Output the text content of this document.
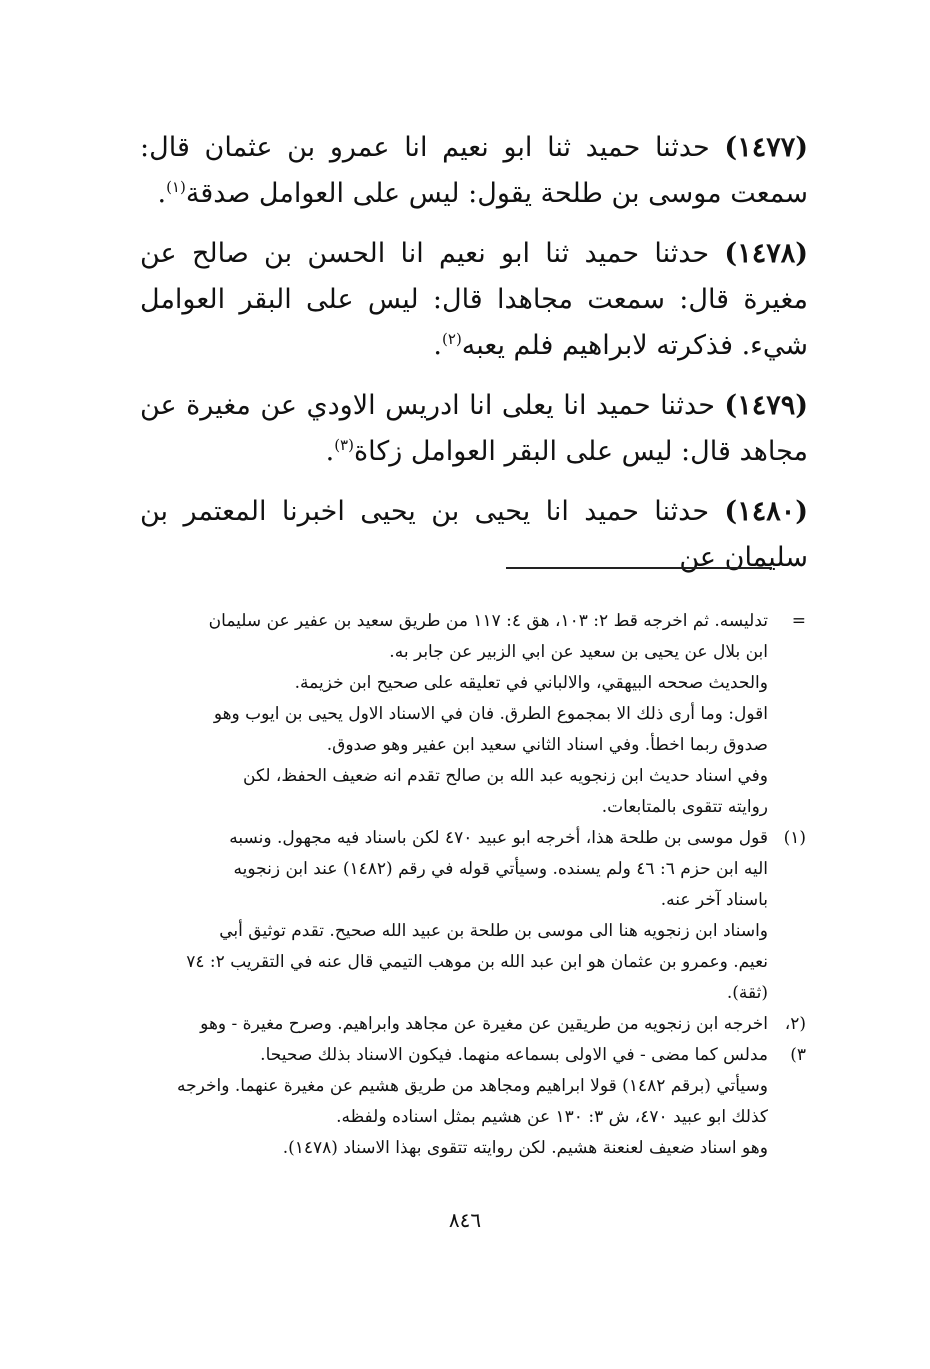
(١٤٧٧) حدثنا حميد ثنا ابو نعيم انا عمرو بن عثمان قال: سمعت موسى بن طلحة يقول: ليس على العوامل صدقة$^{(١)}$.

(١٤٧٨) حدثنا حميد ثنا ابو نعيم انا الحسن بن صالح عن مغيرة قال: سمعت مجاهدا قال: ليس على البقر العوامل شيء. فذكرته لابراهيم فلم يعبه$^{(٢)}$.

(١٤٧٩) حدثنا حميد انا يعلى انا ادريس الاودي عن مغيرة عن مجاهد قال: ليس على البقر العوامل زكاة$^{(٣)}$.

(١٤٨٠) حدثنا حميد انا يحيى بن يحيى اخبرنا المعتمر بن سليمان عن

=
تدليسه. ثم اخرجه قط ٢: ١٠٣، هق ٤: ١١٧ من طريق سعيد بن عفير عن سليمان
ابن بلال عن يحيى بن سعيد عن ابي الزبير عن جابر به.
والحديث صححه البيهقي، والالباني في تعليقه على صحيح ابن خزيمة.
اقول: وما أرى ذلك الا بمجموع الطرق. فان في الاسناد الاول يحيى بن ايوب وهو
صدوق ربما اخطأ. وفي اسناد الثاني سعيد ابن عفير وهو صدوق.
وفي اسناد حديث ابن زنجويه عبد الله بن صالح تقدم انه ضعيف الحفظ، لكن
روايته تتقوى بالمتابعات.
(١)
قول موسى بن طلحة هذا، أخرجه ابو عبيد ٤٧٠ لكن باسناد فيه مجهول. ونسبه
اليه ابن حزم ٦: ٤٦ ولم يسنده. وسيأتي قوله في رقم (١٤٨٢) عند ابن زنجويه
باسناد آخر عنه.
واسناد ابن زنجويه هنا الى موسى بن طلحة بن عبيد الله صحيح. تقدم توثيق أبي
نعيم. وعمرو بن عثمان هو ابن عبد الله بن موهب التيمي قال عنه في التقريب ٢: ٧٤
(ثقة).
(٢، ٣)
اخرجه ابن زنجويه من طريقين عن مغيرة عن مجاهد وابراهيم. وصرح مغيرة - وهو
مدلس كما مضى - في الاولى بسماعه منهما. فيكون الاسناد بذلك صحيحا.
وسيأتي (برقم ١٤٨٢) قولا ابراهيم ومجاهد من طريق هشيم عن مغيرة عنهما. واخرجه
كذلك ابو عبيد ٤٧٠، ش ٣: ١٣٠ عن هشيم بمثل اسناده ولفظه.
وهو اسناد ضعيف لعنعنة هشيم. لكن روايته تتقوى بهذا الاسناد (١٤٧٨).
٨٤٦
